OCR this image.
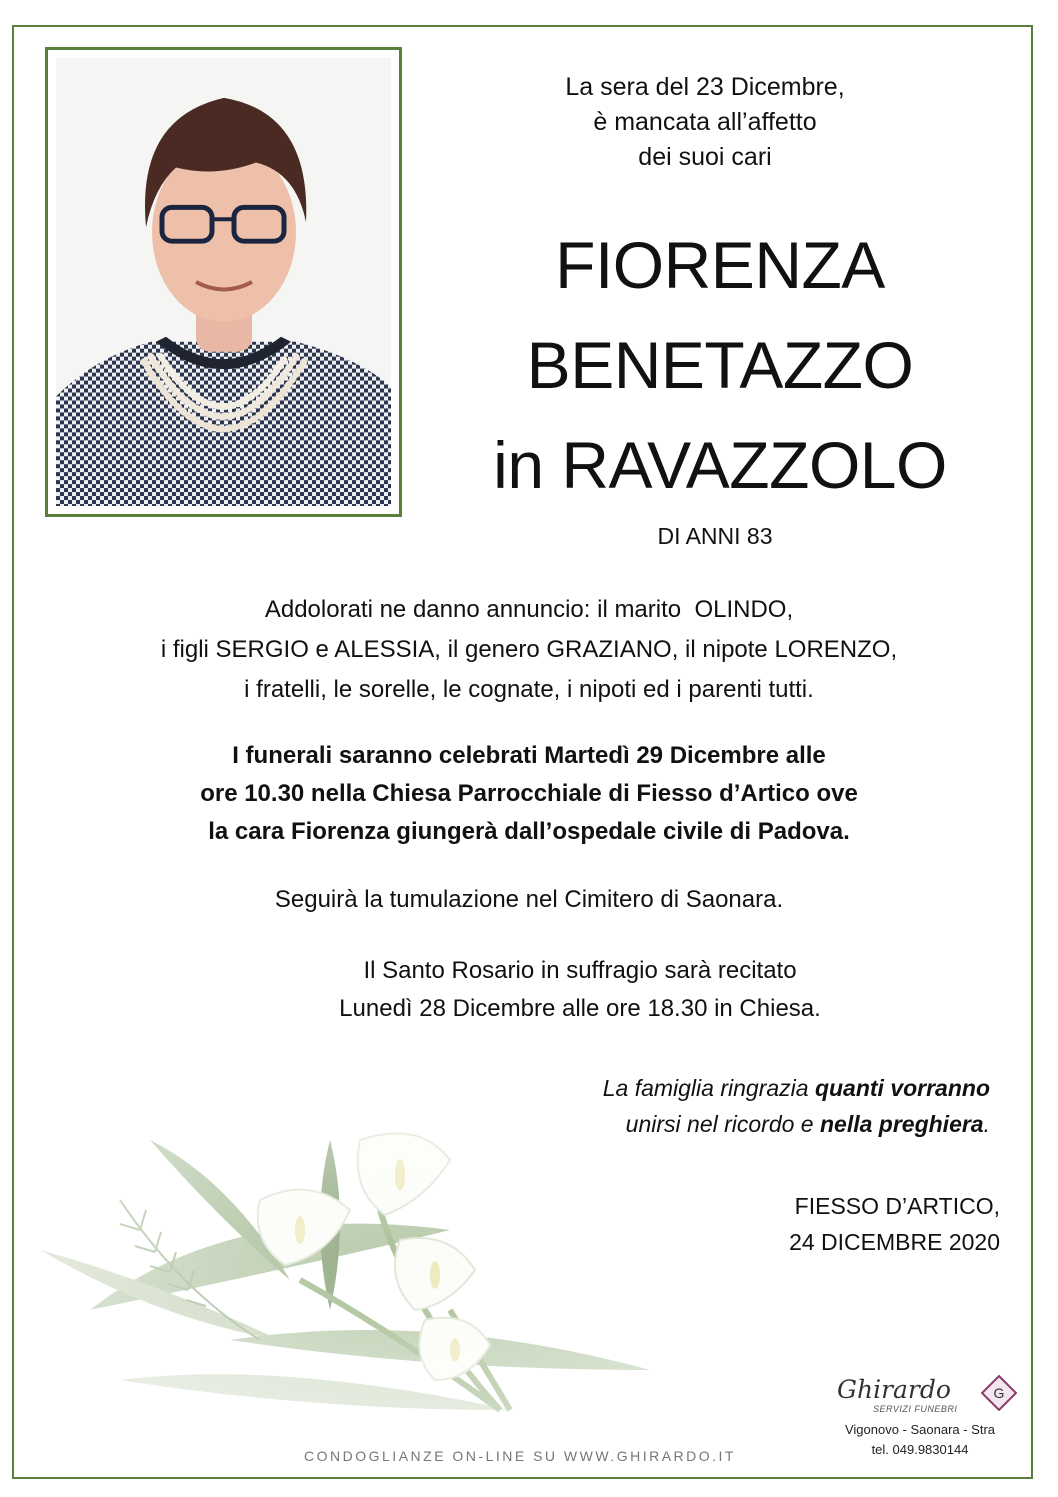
La sera del 23 Dicembre,
è mancata all’affetto
dei suoi cari
FIORENZA
BENETAZZO
in RAVAZZOLO
DI ANNI 83
Addolorati ne danno annuncio: il marito  OLINDO,
i figli SERGIO e ALESSIA, il genero GRAZIANO, il nipote LORENZO,
i fratelli, le sorelle, le cognate, i nipoti ed i parenti tutti.
I funerali saranno celebrati Martedì 29 Dicembre alle
ore 10.30 nella Chiesa Parrocchiale di Fiesso d’Artico ove
la cara Fiorenza giungerà dall’ospedale civile di Padova.
Seguirà la tumulazione nel Cimitero di Saonara.
Il Santo Rosario in suffragio sarà recitato
Lunedì 28 Dicembre alle ore 18.30 in Chiesa.
La famiglia ringrazia quanti vorranno
unirsi nel ricordo e nella preghiera.
FIESSO D’ARTICO,
24 DICEMBRE 2020
CONDOGLIANZE ON-LINE SU WWW.GHIRARDO.IT
Ghirardo
SERVIZI FUNEBRI
G
Vigonovo - Saonara - Stra
tel. 049.9830144
